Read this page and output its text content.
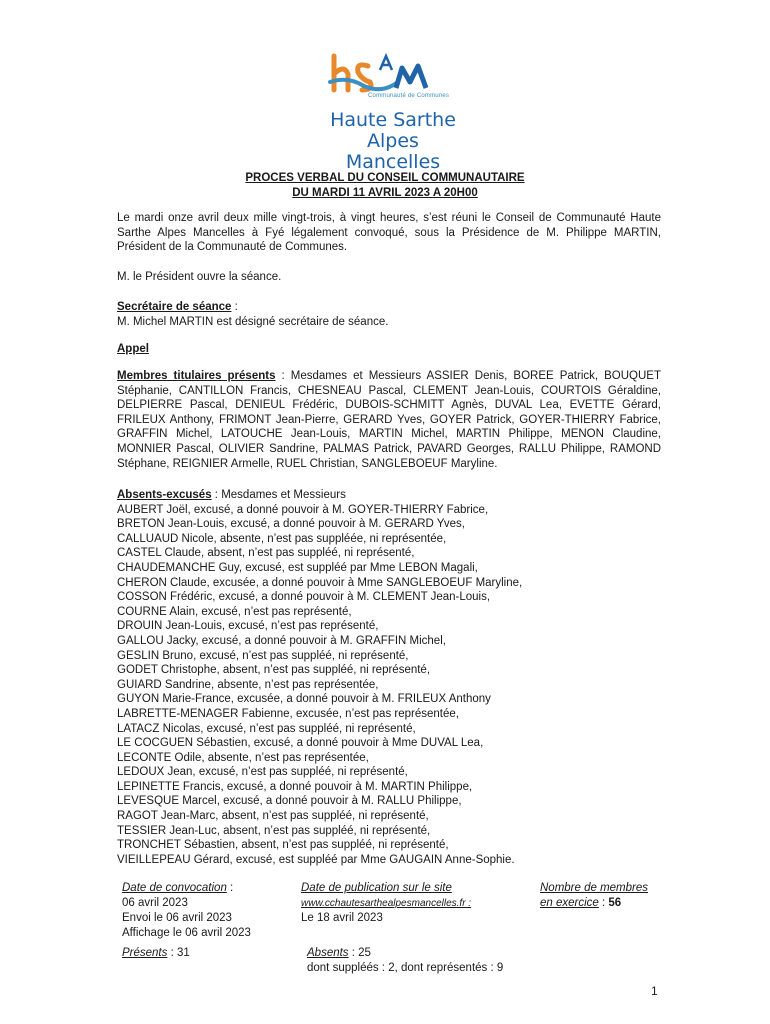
Communauté de Communes
Haute Sarthe
Alpes Mancelles
PROCES VERBAL DU CONSEIL COMMUNAUTAIRE
DU MARDI 11 AVRIL 2023 A 20H00
Le mardi onze avril deux mille vingt-trois, à vingt heures, s’est réuni le Conseil de Communauté Haute Sarthe Alpes Mancelles à Fyé légalement convoqué, sous la Présidence de M. Philippe MARTIN, Président de la Communauté de Communes.
M. le Président ouvre la séance.
Secrétaire de séance :
M. Michel MARTIN est désigné secrétaire de séance.
Appel
Membres titulaires présents : Mesdames et Messieurs ASSIER Denis, BOREE Patrick, BOUQUET Stéphanie, CANTILLON Francis, CHESNEAU Pascal, CLEMENT Jean-Louis, COURTOIS Géraldine, DELPIERRE Pascal, DENIEUL Frédéric, DUBOIS-SCHMITT Agnès, DUVAL Lea, EVETTE Gérard, FRILEUX Anthony, FRIMONT Jean-Pierre, GERARD Yves, GOYER Patrick, GOYER-THIERRY Fabrice, GRAFFIN Michel, LATOUCHE Jean-Louis, MARTIN Michel, MARTIN Philippe, MENON Claudine, MONNIER Pascal, OLIVIER Sandrine, PALMAS Patrick, PAVARD Georges, RALLU Philippe, RAMOND Stéphane, REIGNIER Armelle, RUEL Christian, SANGLEBOEUF Maryline.
Absents-excusés : Mesdames et Messieurs
AUBERT Joël, excusé, a donné pouvoir à M. GOYER-THIERRY Fabrice,
BRETON Jean-Louis, excusé, a donné pouvoir à M. GERARD Yves,
CALLUAUD Nicole, absente, n’est pas suppléée, ni représentée,
CASTEL Claude, absent, n’est pas suppléé, ni représenté,
CHAUDEMANCHE Guy, excusé, est suppléé par Mme LEBON Magali,
CHERON Claude, excusée, a donné pouvoir à Mme SANGLEBOEUF Maryline,
COSSON Frédéric, excusé, a donné pouvoir à M. CLEMENT Jean-Louis,
COURNE Alain, excusé, n’est pas représenté,
DROUIN Jean-Louis, excusé, n’est pas représenté,
GALLOU Jacky, excusé, a donné pouvoir à M. GRAFFIN Michel,
GESLIN Bruno, excusé, n’est pas suppléé, ni représenté,
GODET Christophe, absent, n’est pas suppléé, ni représenté,
GUIARD Sandrine, absente, n’est pas représentée,
GUYON Marie-France, excusée, a donné pouvoir à M. FRILEUX Anthony
LABRETTE-MENAGER Fabienne, excusée, n’est pas représentée,
LATACZ Nicolas, excusé, n’est pas suppléé, ni représenté,
LE COCGUEN Sébastien, excusé, a donné pouvoir à Mme DUVAL Lea,
LECONTE Odile, absente, n’est pas représentée,
LEDOUX Jean, excusé, n’est pas suppléé, ni représenté,
LEPINETTE Francis, excusé, a donné pouvoir à M. MARTIN Philippe,
LEVESQUE Marcel, excusé, a donné pouvoir à M. RALLU Philippe,
RAGOT Jean-Marc, absent, n’est pas suppléé, ni représenté,
TESSIER Jean-Luc, absent, n’est pas suppléé, ni représenté,
TRONCHET Sébastien, absent, n’est pas suppléé, ni représenté,
VIEILLEPEAU Gérard, excusé, est suppléé par Mme GAUGAIN Anne-Sophie.
Date de convocation :
06 avril 2023
Envoi le 06 avril 2023
Affichage le 06 avril 2023
Date de publication sur le site
www.cchautesarthealpesmancelles.fr :
Le 18 avril 2023
Nombre de membres
en exercice : 56
Présents : 31	Absents : 25
dont suppléés : 2, dont représentés : 9
1
